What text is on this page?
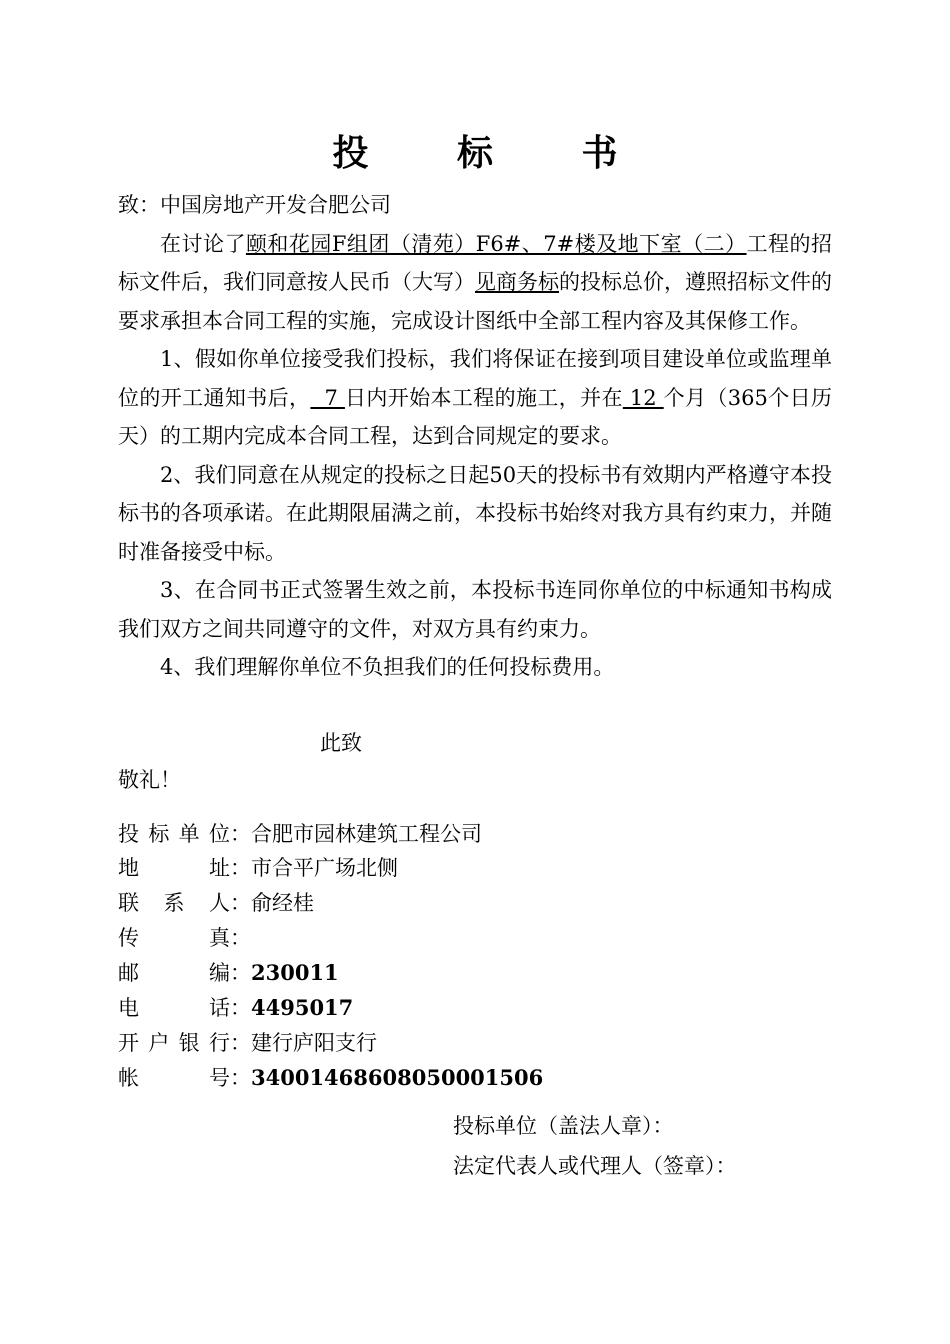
投 标 书

致：中国房地产开发合肥公司

在讨论了颐和花园F组团（清苑）F6#、7#楼及地下室（二）工程的招标文件后，我们同意按人民币（大写）见商务标的投标总价，遵照招标文件的要求承担本合同工程的实施，完成设计图纸中全部工程内容及其保修工作。

1、假如你单位接受我们投标，我们将保证在接到项目建设单位或监理单位的开工通知书后，  7 日内开始本工程的施工，并在 12 个月（365个日历天）的工期内完成本合同工程，达到合同规定的要求。

2、我们同意在从规定的投标之日起50天的投标书有效期内严格遵守本投标书的各项承诺。在此期限届满之前，本投标书始终对我方具有约束力，并随时准备接受中标。

3、在合同书正式签署生效之前，本投标书连同你单位的中标通知书构成我们双方之间共同遵守的文件，对双方具有约束力。

4、我们理解你单位不负担我们的任何投标费用。

此致
敬礼！
投标单位：合肥市园林建筑工程公司
地址：市合平广场北侧
联系人：俞经桂
传真：
邮编：230011
电话：4495017
开户银行：建行庐阳支行
帐号：34001468608050001506
投标单位（盖法人章）：
法定代表人或代理人（签章）：
